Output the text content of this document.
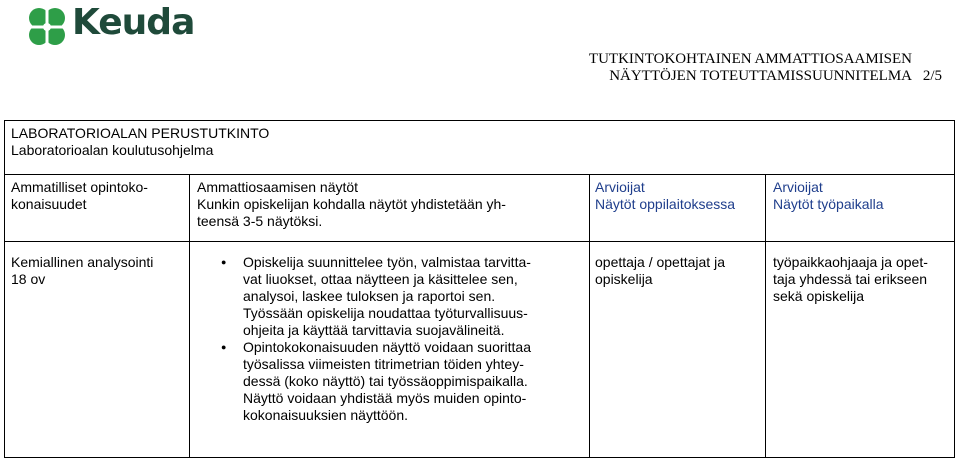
Keuda
TUTKINTOKOHTAINEN AMMATTIOSAAMISEN
NÄYTTÖJEN TOTEUTTAMISSUUNNITELMA 2/5
LABORATORIOALAN PERUSTUTKINTO
Laboratorioalan koulutusohjelma
Ammatilliset opintoko-
konaisuudet
Ammattiosaamisen näytöt
Kunkin opiskelijan kohdalla näytöt yhdistetään yh-
teensä 3-5 näytöksi.
Arvioijat
Näytöt oppilaitoksessa
Arvioijat
Näytöt työpaikalla
Kemiallinen analysointi
18 ov
● Opiskelija suunnittelee työn, valmistaa tarvitta-
vat liuokset, ottaa näytteen ja käsittelee sen,
analysoi, laskee tuloksen ja raportoi sen.
Työssään opiskelija noudattaa työturvallisuus-
ohjeita ja käyttää tarvittavia suojavälineitä.
● Opintokokonaisuuden näyttö voidaan suorittaa
työsalissa viimeisten titrimetrian töiden yhtey-
dessä (koko näyttö) tai työssäoppimispaikalla.
Näyttö voidaan yhdistää myös muiden opinto-
kokonaisuuksien näyttöön.
opettaja / opettajat ja
opiskelija
työpaikkaohjaaja ja opet-
taja yhdessä tai erikseen
sekä opiskelija
